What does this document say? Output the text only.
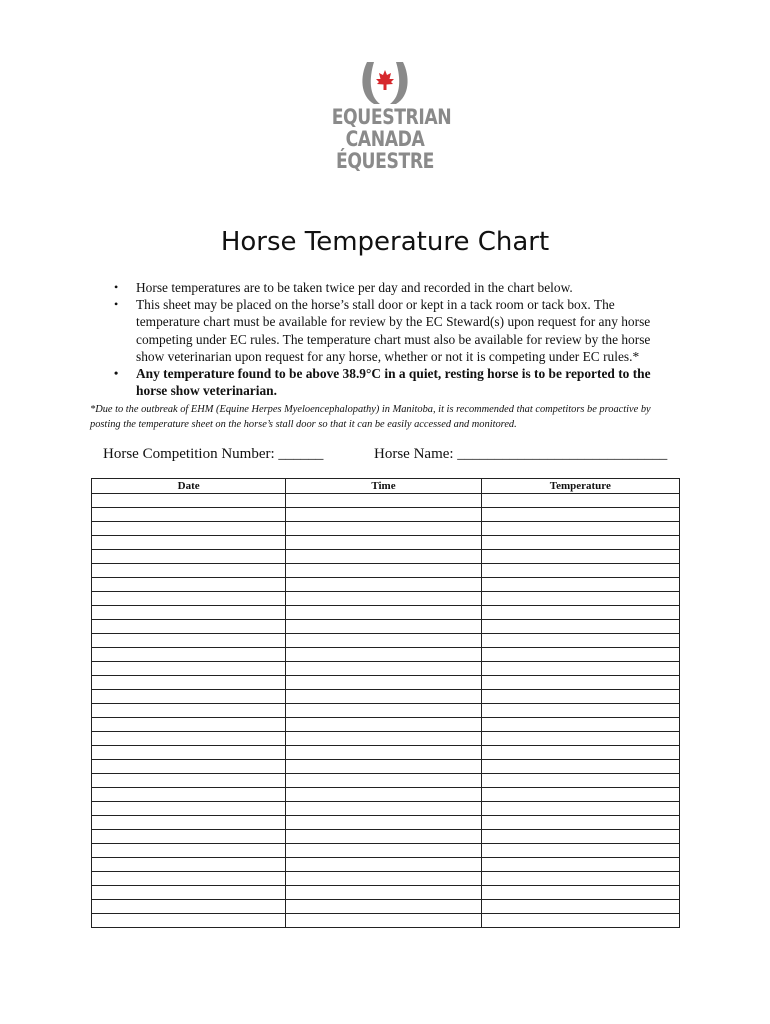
EQUESTRIAN
CANADA
ÉQUESTRE
Horse Temperature Chart
• Horse temperatures are to be taken twice per day and recorded in the chart below.
• This sheet may be placed on the horse’s stall door or kept in a tack room or tack box. The temperature chart must be available for review by the EC Steward(s) upon request for any horse competing under EC rules. The temperature chart must also be available for review by the horse show veterinarian upon request for any horse, whether or not it is competing under EC rules.*
• Any temperature found to be above 38.9°C in a quiet, resting horse is to be reported to the horse show veterinarian.
*Due to the outbreak of EHM (Equine Herpes Myeloencephalopathy) in Manitoba, it is recommended that competitors be proactive by posting the temperature sheet on the horse’s stall door so that it can be easily accessed and monitored.
Horse Competition Number: ______	Horse Name: ____________________________
Date	Time	Temperature
